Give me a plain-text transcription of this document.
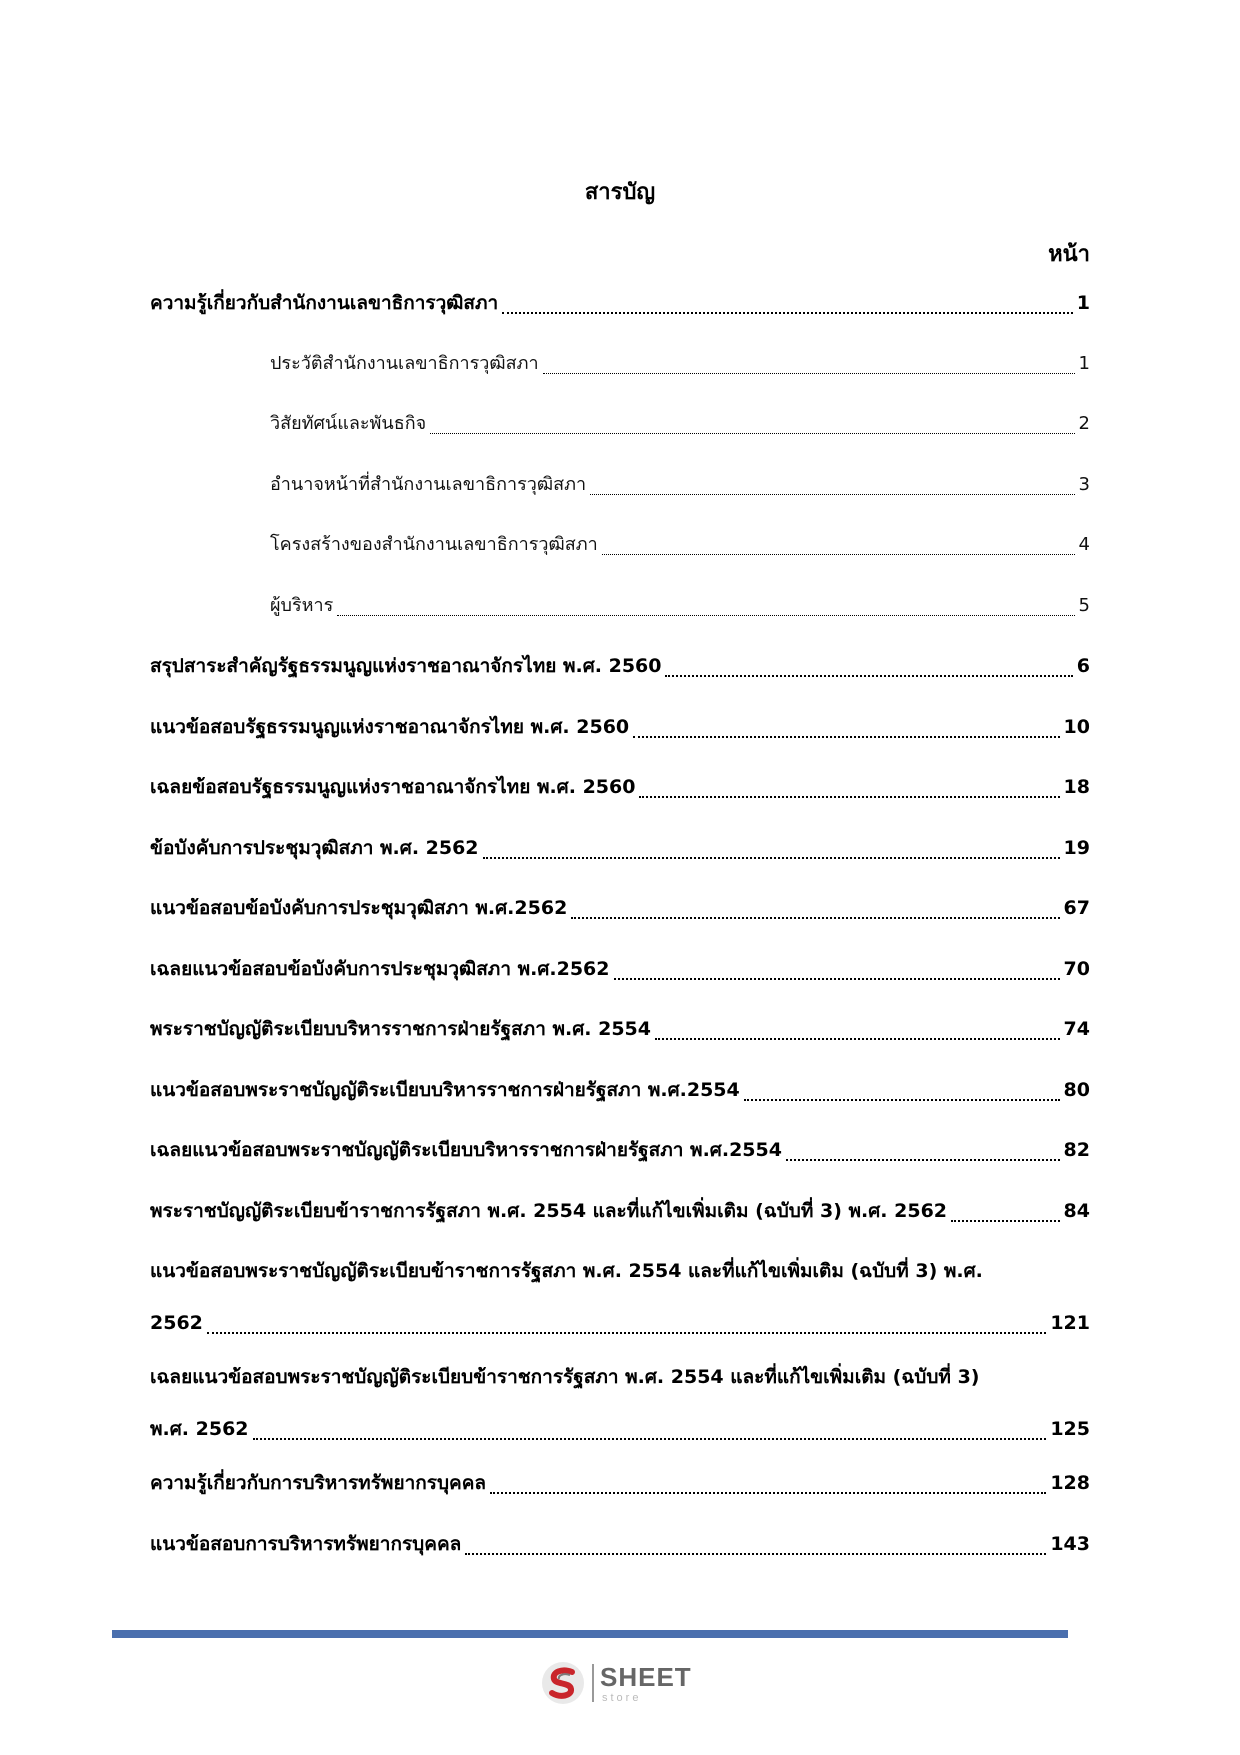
สารบัญ
หน้า
ความรู้เกี่ยวกับสำนักงานเลขาธิการวุฒิสภา	1
ประวัติสำนักงานเลขาธิการวุฒิสภา	1
วิสัยทัศน์และพันธกิจ	2
อำนาจหน้าที่สำนักงานเลขาธิการวุฒิสภา	3
โครงสร้างของสำนักงานเลขาธิการวุฒิสภา	4
ผู้บริหาร	5
สรุปสาระสำคัญรัฐธรรมนูญแห่งราชอาณาจักรไทย พ.ศ. 2560	6
แนวข้อสอบรัฐธรรมนูญแห่งราชอาณาจักรไทย พ.ศ. 2560	10
เฉลยข้อสอบรัฐธรรมนูญแห่งราชอาณาจักรไทย พ.ศ. 2560	18
ข้อบังคับการประชุมวุฒิสภา พ.ศ. 2562	19
แนวข้อสอบข้อบังคับการประชุมวุฒิสภา พ.ศ.2562	67
เฉลยแนวข้อสอบข้อบังคับการประชุมวุฒิสภา พ.ศ.2562	70
พระราชบัญญัติระเบียบบริหารราชการฝ่ายรัฐสภา พ.ศ. 2554	74
แนวข้อสอบพระราชบัญญัติระเบียบบริหารราชการฝ่ายรัฐสภา พ.ศ.2554	80
เฉลยแนวข้อสอบพระราชบัญญัติระเบียบบริหารราชการฝ่ายรัฐสภา พ.ศ.2554	82
พระราชบัญญัติระเบียบข้าราชการรัฐสภา พ.ศ. 2554 และที่แก้ไขเพิ่มเติม (ฉบับที่ 3) พ.ศ. 2562	84
แนวข้อสอบพระราชบัญญัติระเบียบข้าราชการรัฐสภา พ.ศ. 2554 และที่แก้ไขเพิ่มเติม (ฉบับที่ 3) พ.ศ.
2562	121
เฉลยแนวข้อสอบพระราชบัญญัติระเบียบข้าราชการรัฐสภา พ.ศ. 2554 และที่แก้ไขเพิ่มเติม (ฉบับที่ 3)
พ.ศ. 2562	125
ความรู้เกี่ยวกับการบริหารทรัพยากรบุคคล	128
แนวข้อสอบการบริหารทรัพยากรบุคคล	143
SHEET
store
